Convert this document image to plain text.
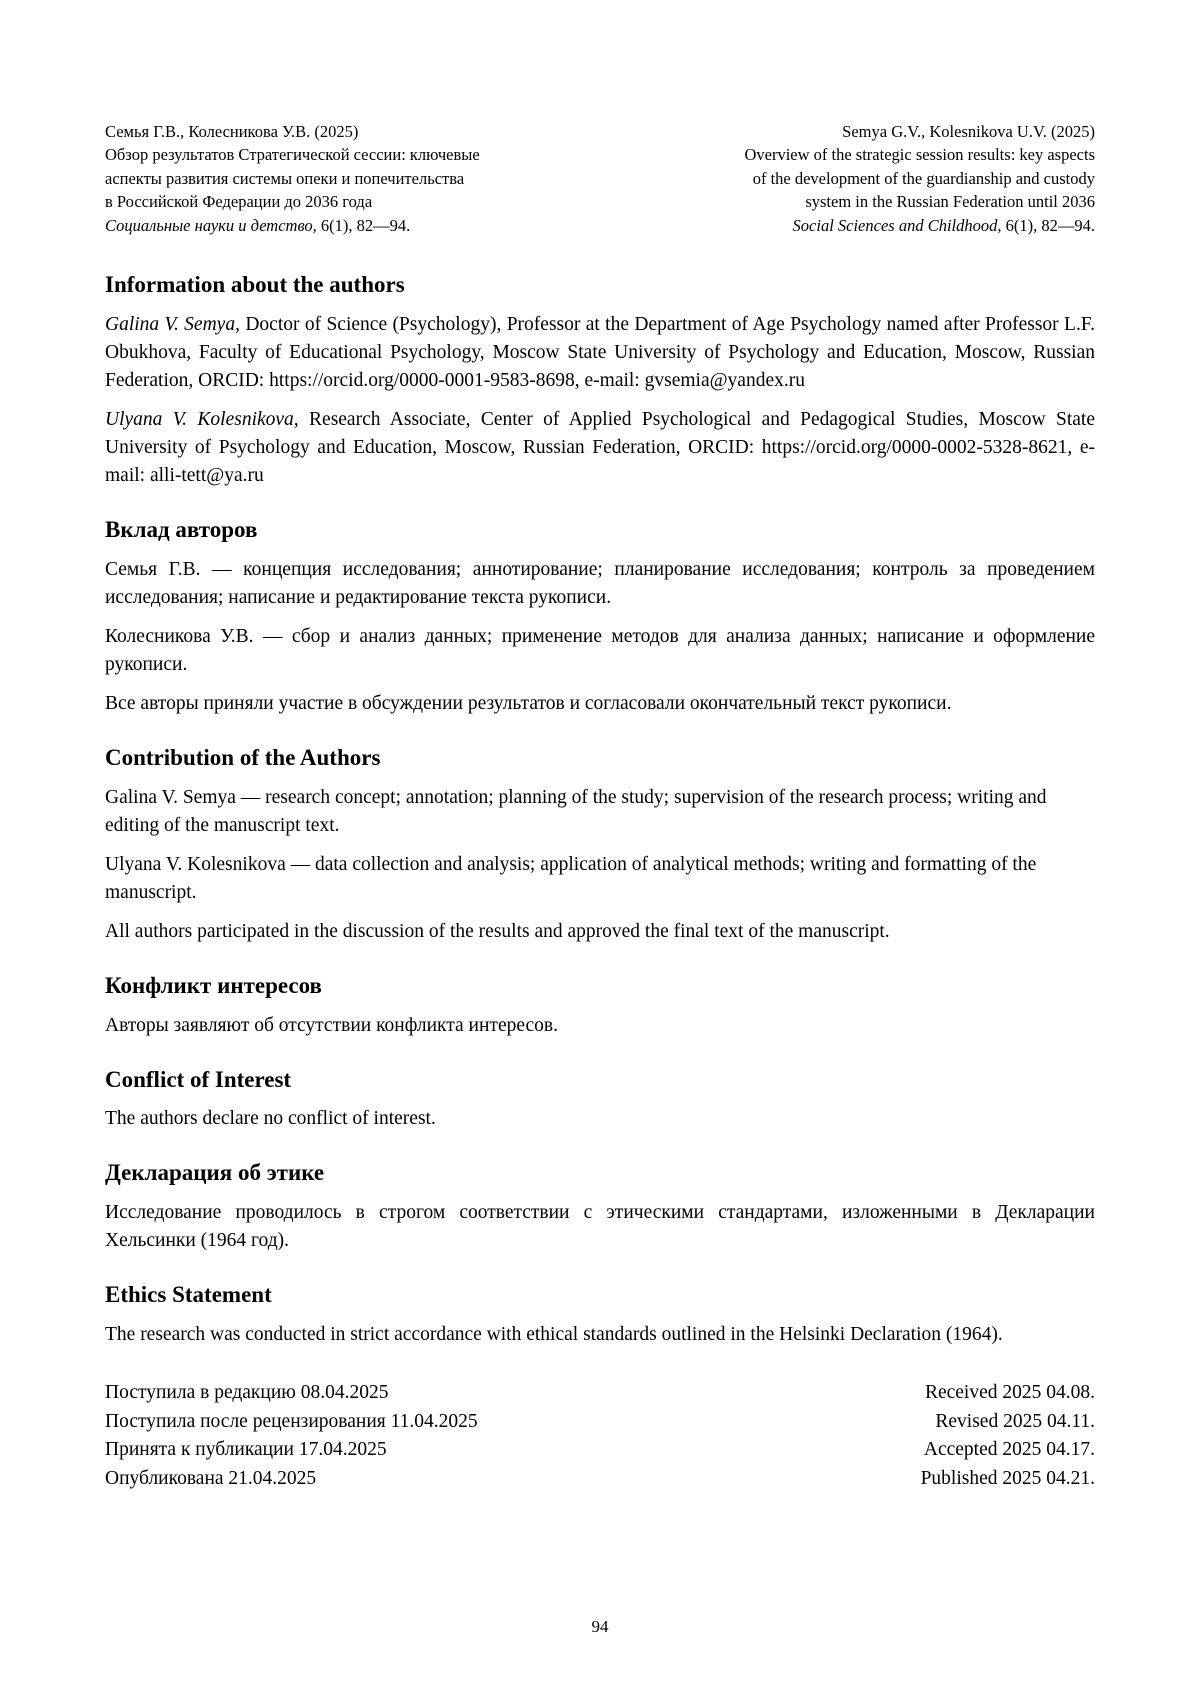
Семья Г.В., Колесникова У.В. (2025)
Обзор результатов Стратегической сессии: ключевые
аспекты развития системы опеки и попечительства
в Российской Федерации до 2036 года
Социальные науки и детство, 6(1), 82—94.
Semya G.V., Kolesnikova U.V. (2025)
Overview of the strategic session results: key aspects
of the development of the guardianship and custody
system in the Russian Federation until 2036
Social Sciences and Childhood, 6(1), 82—94.
Information about the authors

Galina V. Semya, Doctor of Science (Psychology), Professor at the Department of Age Psychology named after Professor L.F. Obukhova, Faculty of Educational Psychology, Moscow State University of Psychology and Education, Moscow, Russian Federation, ORCID: https://orcid.org/0000-0001-9583-8698, e-mail: gvsemia@yandex.ru

Ulyana V. Kolesnikova, Research Associate, Center of Applied Psychological and Pedagogical Studies, Moscow State University of Psychology and Education, Moscow, Russian Federation, ORCID: https://orcid.org/0000-0002-5328-8621, e-mail: alli-tett@ya.ru

Вклад авторов

Семья Г.В. — концепция исследования; аннотирование; планирование исследования; контроль за проведением исследования; написание и редактирование текста рукописи.

Колесникова У.В. — сбор и анализ данных; применение методов для анализа данных; написание и оформление рукописи.

Все авторы приняли участие в обсуждении результатов и согласовали окончательный текст рукописи.

Contribution of the Authors

Galina V. Semya — research concept; annotation; planning of the study; supervision of the research process; writing and editing of the manuscript text.

Ulyana V. Kolesnikova — data collection and analysis; application of analytical methods; writing and formatting of the manuscript.

All authors participated in the discussion of the results and approved the final text of the manuscript.

Конфликт интересов

Авторы заявляют об отсутствии конфликта интересов.

Conflict of Interest

The authors declare no conflict of interest.

Декларация об этике

Исследование проводилось в строгом соответствии с этическими стандартами, изложенными в Декларации Хельсинки (1964 год).

Ethics Statement

The research was conducted in strict accordance with ethical standards outlined in the Helsinki Declaration (1964).

Поступила в редакцию 08.04.2025	Received 2025 04.08.
Поступила после рецензирования 11.04.2025	Revised 2025 04.11.
Принята к публикации 17.04.2025	Accepted 2025 04.17.
Опубликована 21.04.2025	Published 2025 04.21.
94
